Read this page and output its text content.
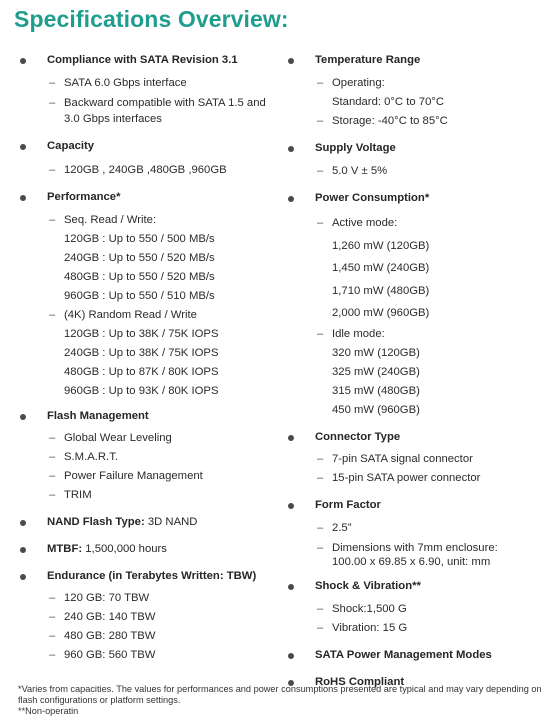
Specifications Overview:
Compliance with SATA Revision 3.1
– SATA 6.0 Gbps interface
– Backward compatible with SATA 1.5 and
3.0 Gbps interfaces
Capacity
– 120GB , 240GB ,480GB ,960GB
Performance*
– Seq. Read / Write:
120GB : Up to 550 / 500 MB/s
240GB : Up to 550 / 520 MB/s
480GB : Up to 550 / 520 MB/s
960GB : Up to 550 / 510 MB/s
– (4K) Random Read / Write
120GB : Up to 38K / 75K IOPS
240GB : Up to 38K / 75K IOPS
480GB : Up to 87K / 80K IOPS
960GB : Up to 93K / 80K IOPS
Flash Management
– Global Wear Leveling
– S.M.A.R.T.
– Power Failure Management
– TRIM
NAND Flash Type: 3D NAND
MTBF: 1,500,000 hours
Endurance (in Terabytes Written: TBW)
– 120 GB: 70 TBW
– 240 GB: 140 TBW
– 480 GB: 280 TBW
– 960 GB: 560 TBW
Temperature Range
– Operating:
Standard: 0°C to 70°C
– Storage: -40°C to 85°C
Supply Voltage
– 5.0 V ± 5%
Power Consumption*
– Active mode:
1,260 mW (120GB)
1,450 mW (240GB)
1,710 mW (480GB)
2,000 mW (960GB)
– Idle mode:
320 mW (120GB)
325 mW (240GB)
315 mW (480GB)
450 mW (960GB)
Connector Type
– 7-pin SATA signal connector
– 15-pin SATA power connector
Form Factor
– 2.5”
– Dimensions with 7mm enclosure:
100.00 x 69.85 x 6.90, unit: mm
Shock & Vibration**
– Shock:1,500 G
– Vibration: 15 G
SATA Power Management Modes
RoHS Compliant
*Varies from capacities. The values for performances and power consumptions presented are typical and may vary depending on flash configurations or platform settings.
**Non-operatin
